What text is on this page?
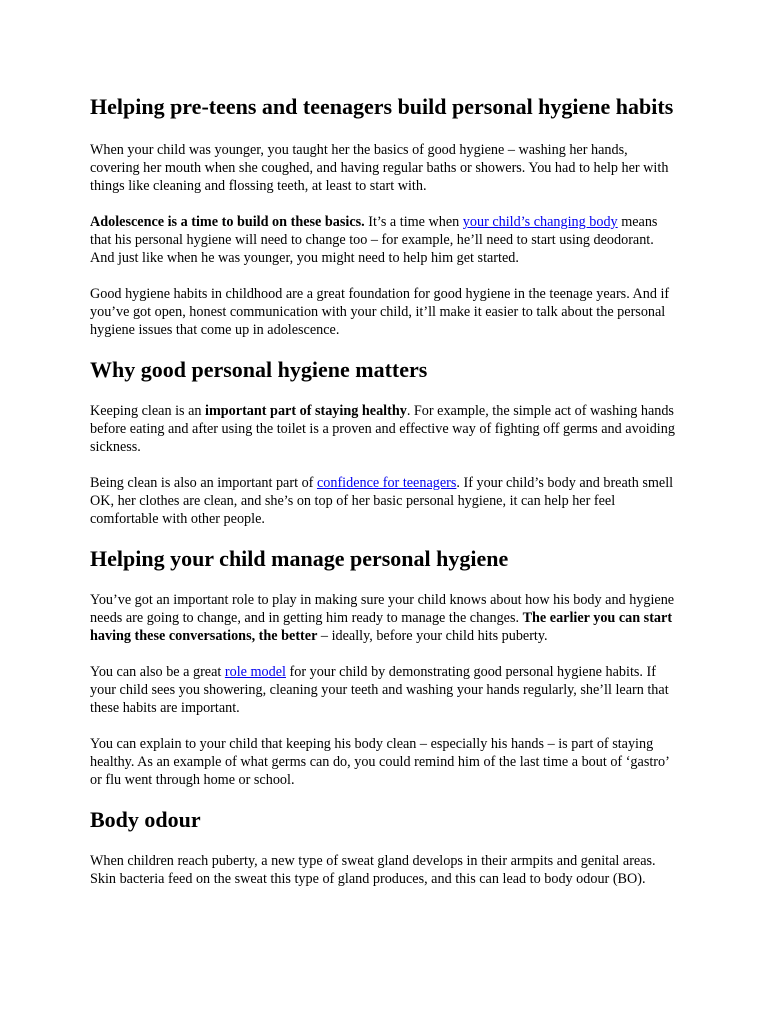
Helping pre-teens and teenagers build personal hygiene habits

When your child was younger, you taught her the basics of good hygiene – washing her hands, covering her mouth when she coughed, and having regular baths or showers. You had to help her with things like cleaning and flossing teeth, at least to start with.

Adolescence is a time to build on these basics. It’s a time when your child’s changing body means that his personal hygiene will need to change too – for example, he’ll need to start using deodorant. And just like when he was younger, you might need to help him get started.

Good hygiene habits in childhood are a great foundation for good hygiene in the teenage years. And if you’ve got open, honest communication with your child, it’ll make it easier to talk about the personal hygiene issues that come up in adolescence.

Why good personal hygiene matters

Keeping clean is an important part of staying healthy. For example, the simple act of washing hands before eating and after using the toilet is a proven and effective way of fighting off germs and avoiding sickness.

Being clean is also an important part of confidence for teenagers. If your child’s body and breath smell OK, her clothes are clean, and she’s on top of her basic personal hygiene, it can help her feel comfortable with other people.

Helping your child manage personal hygiene

You’ve got an important role to play in making sure your child knows about how his body and hygiene needs are going to change, and in getting him ready to manage the changes. The earlier you can start having these conversations, the better – ideally, before your child hits puberty.

You can also be a great role model for your child by demonstrating good personal hygiene habits. If your child sees you showering, cleaning your teeth and washing your hands regularly, she’ll learn that these habits are important.

You can explain to your child that keeping his body clean – especially his hands – is part of staying healthy. As an example of what germs can do, you could remind him of the last time a bout of ‘gastro’ or flu went through home or school.

Body odour

When children reach puberty, a new type of sweat gland develops in their armpits and genital areas. Skin bacteria feed on the sweat this type of gland produces, and this can lead to body odour (BO).
